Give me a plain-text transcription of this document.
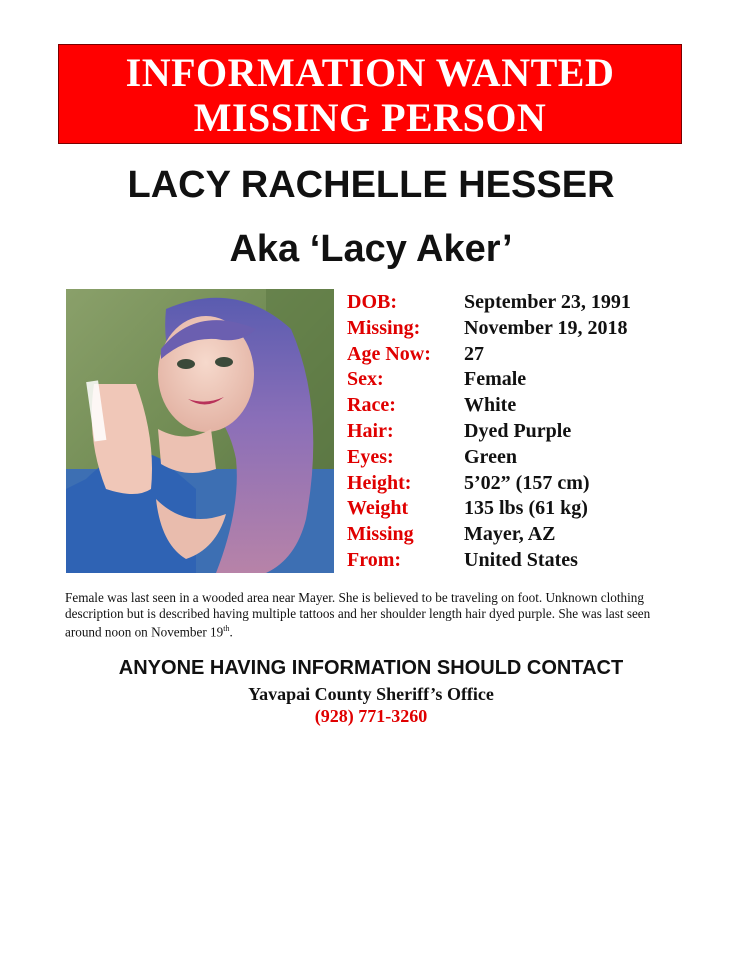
INFORMATION WANTED
MISSING PERSON
LACY RACHELLE HESSER
Aka ‘Lacy Aker’
DOB:	September 23, 1991
Missing:	November 19, 2018
Age Now:	27
Sex:	Female
Race:	White
Hair:	Dyed Purple
Eyes:	Green
Height:	5’02” (157 cm)
Weight	135 lbs (61 kg)
Missing	Mayer, AZ
From:	United States
Female was last seen in a wooded area near Mayer. She is believed to be traveling on foot. Unknown clothing description but is described having multiple tattoos and her shoulder length hair dyed purple. She was last seen around noon on November 19th.
ANYONE HAVING INFORMATION SHOULD CONTACT
Yavapai County Sheriff’s Office
(928) 771-3260
